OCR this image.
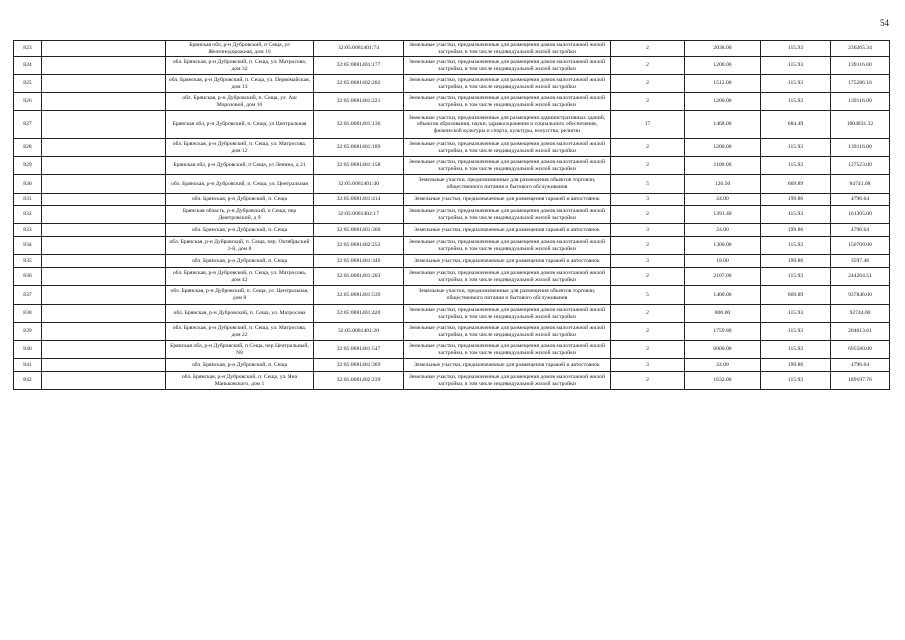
54
823		Брянская обл, р-н Дубровский, п Сеща, ул Железнодорожная, дом 16	32:05:0081401:74	Земельные участки, предназначенные для размещения домов малоэтажной жилой застройки, в том числе индивидуальной жилой застройки	2	2038.00	115.93	236265.34
824		обл. Брянская, р-н Дубровский, п. Сеща, ул. Матросова, дом 32	32:05:0081401:177	Земельные участки, предназначенные для размещения домов малоэтажной жилой застройки, в том числе индивидуальной жилой застройки	2	1200.00	115.93	139116.00
825		обл. Брянская, р-н Дубровский, п. Сеща, ул. Первомайская, дом 13	32:05:0081402:282	Земельные участки, предназначенные для размещения домов малоэтажной жилой застройки, в том числе индивидуальной жилой застройки	2	1512.00	115.93	175286.16
826		обл. Брянская, р-н Дубровский, п. Сеща, ул. Аш Морозовой, дом 16	32:05:0081401:221	Земельные участки, предназначенные для размещения домов малоэтажной жилой застройки, в том числе индивидуальной жилой застройки	2	1200.00	115.93	139116.00
827		Брянская обл, р-н Дубровский, п. Сеща, ул Центральная	32:05:0081401:136	Земельные участки, предназначенные для размещения административных зданий, объектов образования, науки, здравоохранения и социального обеспечения, физической культуры и спорта, культуры, искусства, религии	17	1468.00	684.49	1004831.32
828		обл. Брянская, р-н Дубровский, п. Сеща, ул. Матросова, дом 12	32:05:0081401:189	Земельные участки, предназначенные для размещения домов малоэтажной жилой застройки, в том числе индивидуальной жилой застройки	2	1200.00	115.93	139116.00
829		Брянская обл, р-н Дубровский, п Сеща, ул Ленина, д 21	32:05:0081401:158	Земельные участки, предназначенные для размещения домов малоэтажной жилой застройки, в том числе индивидуальной жилой застройки	2	1100.00	115.93	127523.00
830		обл. Брянская, р-н Дубровский, п. Сеща, ул. Центральная	32:05:0081401:40	Земельные участки, предназначенные для размещения объектов торговли, общественного питания и бытового обслуживания	5	126.50	669.89	84741.08
831		обл. Брянская, р-н Дубровский, п. Сеща	32:05:0081401:414	Земельные участки, предназначенные для размещения гаражей и автостоянок	3	24.00	199.86	4796.64
832		Брянская область, р-н Дубровский, п Сеща, пер Дмитровский, д 9	32:05:0081402:17	Земельные участки, предназначенные для размещения домов малоэтажной жилой застройки, в том числе индивидуальной жилой застройки	2	1391.40	115.93	161305.00
833		обл. Брянская, р-н Дубровский, п. Сеща	32:05:0081401:360	Земельные участки, предназначенные для размещения гаражей и автостоянок	3	24.00	199.86	4796.64
834		обл. Брянская, р-н Дубровский, п. Сеща, пер. Октябрьский 1-й, дом 8	32:05:0081402:252	Земельные участки, предназначенные для размещения домов малоэтажной жилой застройки, в том числе индивидуальной жилой застройки	2	1300.00	115.93	150709.00
835		обл. Брянская, р-н Дубровский, п. Сеща	32:05:0081401:340	Земельные участки, предназначенные для размещения гаражей и автостоянок	3	18.00	199.86	3597.48
836		обл. Брянская, р-н Дубровский, п. Сеща, ул. Матросова, дом 42	32:05:0081401:203	Земельные участки, предназначенные для размещения домов малоэтажной жилой застройки, в том числе индивидуальной жилой застройки	2	2107.00	115.93	244264.51
837		обл. Брянская, р-н Дубровский, п. Сеща, ул. Центральная, дом 8	32:05:0081401:539	Земельные участки, предназначенные для размещения объектов торговли, общественного питания и бытового обслуживания	5	1400.00	669.89	937846.00
838		обл. Брянская, р-н Дубровский, п. Сеща, ул. Матросова	32:05:0081401:420	Земельные участки, предназначенные для размещения домов малоэтажной жилой застройки, в том числе индивидуальной жилой застройки	2	800.00	115.93	92744.00
839		обл. Брянская, р-н Дубровский, п. Сеща, ул. Матросова, дом 22	32:05:0081401:20	Земельные участки, предназначенные для размещения домов малоэтажной жилой застройки, в том числе индивидуальной жилой застройки	2	1759.80	115.93	204013.61
840		Брянская обл, р-н Дубровский, п Сеща, пер Центральный, N8	32:05:0081401:547	Земельные участки, предназначенные для размещения домов малоэтажной жилой застройки, в том числе индивидуальной жилой застройки	2	6000.00	115.93	695580.00
841		обл. Брянская, р-н Дубровский, п. Сеща	32:05:0081401:369	Земельные участки, предназначенные для размещения гаражей и автостоянок	3	24.00	199.86	4796.64
842		обл. Брянская, р-н Дубровский, п. Сеща, ул. Яна Маньковского, дом 1	32:05:0081402:239	Земельные участки, предназначенные для размещения домов малоэтажной жилой застройки, в том числе индивидуальной жилой застройки	2	1632.00	115.93	189197.76
